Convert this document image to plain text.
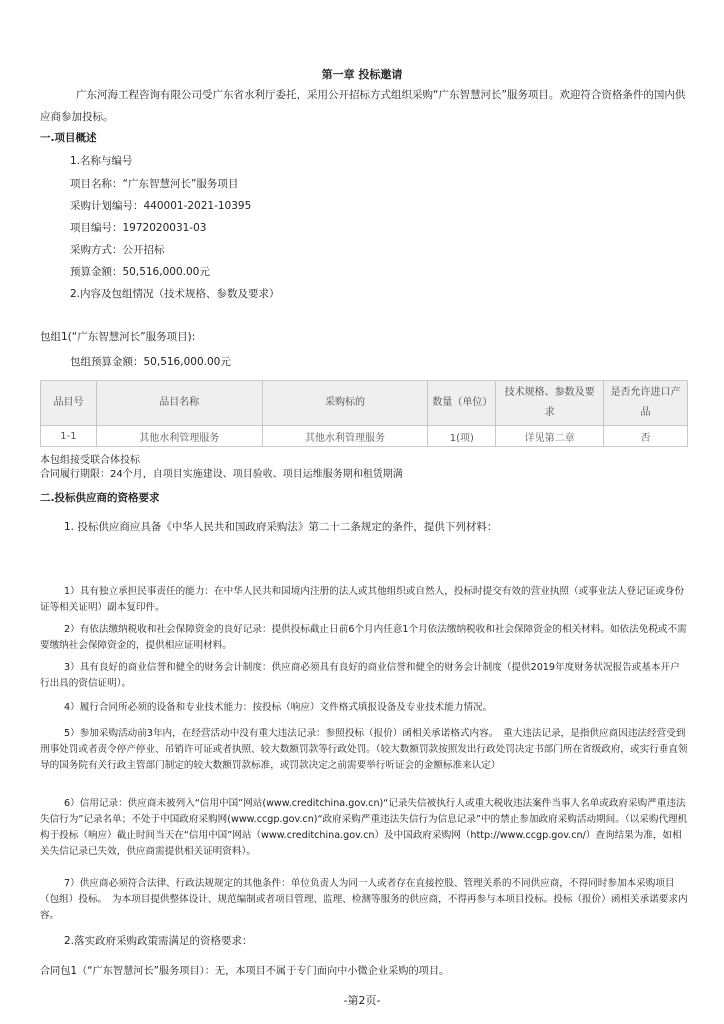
第一章 投标邀请
广东河海工程咨询有限公司受广东省水利厅委托，采用公开招标方式组织采购“广东智慧河长”服务项目。欢迎符合资格条件的国内供应商参加投标。
一.项目概述
1.名称与编号
项目名称：“广东智慧河长”服务项目
采购计划编号：440001-2021-10395
项目编号：1972020031-03
采购方式：公开招标
预算金额：50,516,000.00元
2.内容及包组情况（技术规格、参数及要求）
包组1(“广东智慧河长”服务项目):
包组预算金额：50,516,000.00元
品目号	品目名称	采购标的	数量（单位）	技术规格、参数及要求	是否允许进口产品
1-1	其他水利管理服务	其他水利管理服务	1(项)	详见第二章	否
本包组接受联合体投标
合同履行期限：24个月，自项目实施建设、项目验收、项目运维服务期和租赁期满
二.投标供应商的资格要求
1. 投标供应商应具备《中华人民共和国政府采购法》第二十二条规定的条件，提供下列材料：
1）具有独立承担民事责任的能力：在中华人民共和国境内注册的法人或其他组织或自然人，投标时提交有效的营业执照（或事业法人登记证或身份证等相关证明）副本复印件。
2）有依法缴纳税收和社会保障资金的良好记录：提供投标截止日前6个月内任意1个月依法缴纳税收和社会保障资金的相关材料。如依法免税或不需要缴纳社会保障资金的，提供相应证明材料。
3）具有良好的商业信誉和健全的财务会计制度：供应商必须具有良好的商业信誉和健全的财务会计制度（提供2019年度财务状况报告或基本开户行出具的资信证明）。
4）履行合同所必须的设备和专业技术能力：按投标（响应）文件格式填报设备及专业技术能力情况。
5）参加采购活动前3年内，在经营活动中没有重大违法记录：参照投标（报价）函相关承诺格式内容。　重大违法记录，是指供应商因违法经营受到刑事处罚或者责令停产停业、吊销许可证或者执照、较大数额罚款等行政处罚。（较大数额罚款按照发出行政处罚决定书部门所在省级政府，或实行垂直领导的国务院有关行政主管部门制定的较大数额罚款标准，或罚款决定之前需要举行听证会的金额标准来认定）
6）信用记录：供应商未被列入“信用中国”网站(www.creditchina.gov.cn)“记录失信被执行人或重大税收违法案件当事人名单或政府采购严重违法失信行为”记录名单；不处于中国政府采购网(www.ccgp.gov.cn)“政府采购严重违法失信行为信息记录”中的禁止参加政府采购活动期间。（以采购代理机构于投标（响应）截止时间当天在“信用中国”网站（www.creditchina.gov.cn）及中国政府采购网（http://www.ccgp.gov.cn/）查询结果为准，如相关失信记录已失效，供应商需提供相关证明资料）。
7）供应商必须符合法律、行政法规规定的其他条件：单位负责人为同一人或者存在直接控股、管理关系的不同供应商，不得同时参加本采购项目（包组）投标。　为本项目提供整体设计、规范编制或者项目管理、监理、检测等服务的供应商，不得再参与本项目投标。投标（报价）函相关承诺要求内容。
2.落实政府采购政策需满足的资格要求：
合同包1（“广东智慧河长”服务项目）：无，本项目不属于专门面向中小微企业采购的项目。
-第2页-
